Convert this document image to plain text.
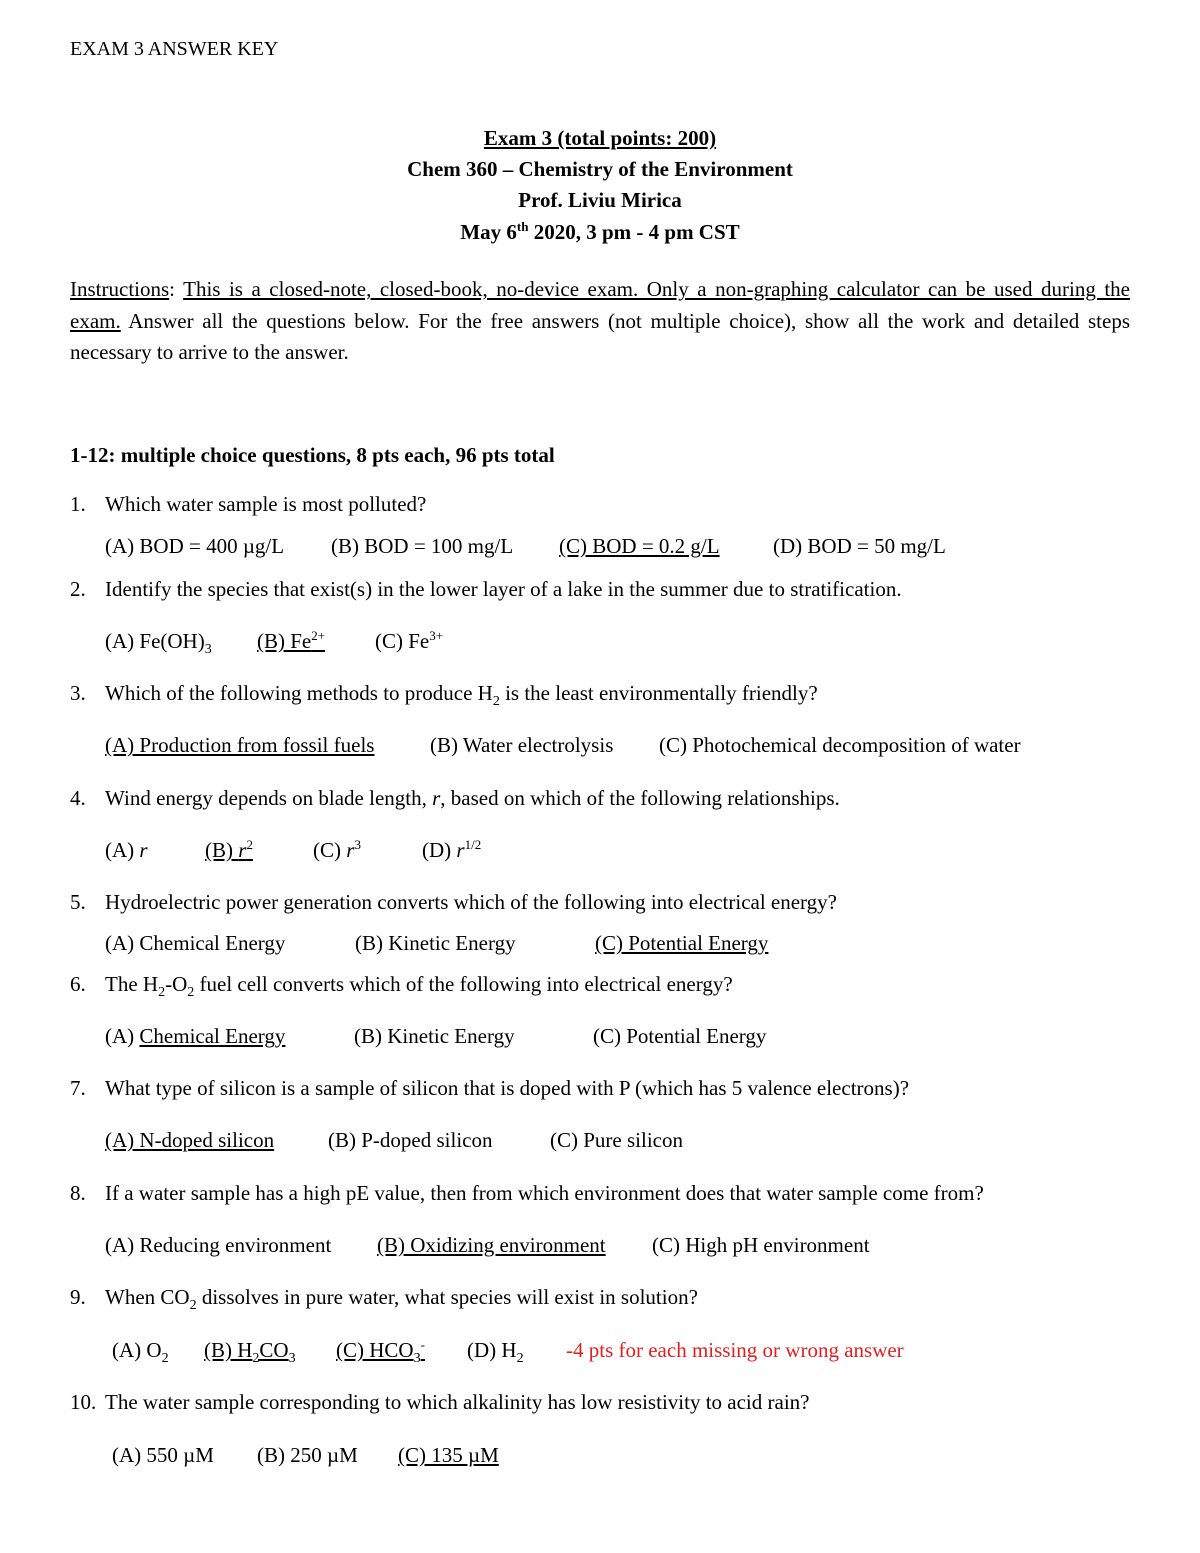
EXAM 3 ANSWER KEY
Exam 3 (total points: 200)
Chem 360 – Chemistry of the Environment
Prof. Liviu Mirica
May 6th 2020, 3 pm - 4 pm CST
Instructions: This is a closed-note, closed-book, no-device exam. Only a non-graphing calculator can be used during the exam. Answer all the questions below. For the free answers (not multiple choice), show all the work and detailed steps necessary to arrive to the answer.
1-12: multiple choice questions, 8 pts each, 96 pts total
1. Which water sample is most polluted?
(A) BOD = 400 µg/L (B) BOD = 100 mg/L (C) BOD = 0.2 g/L	(D) BOD = 50 mg/L
2. Identify the species that exist(s) in the lower layer of a lake in the summer due to stratification.
(A) $Fe(OH)_3$ (B) $Fe^{2+}$ (C) $Fe^{3+}$
3. Which of the following methods to produce $H_2$ is the least environmentally friendly?
(A) Production from fossil fuels	(B) Water electrolysis (C) Photochemical decomposition of water
4. Wind energy depends on blade length, r, based on which of the following relationships.
(A) r	(B) $r^2$	(C) $r^3$	(D) $r^{1/2}$
5. Hydroelectric power generation converts which of the following into electrical energy?
(A) Chemical Energy	(B) Kinetic Energy	(C) Potential Energy
6. The $H_2-O_2$ fuel cell converts which of the following into electrical energy?
(A) Chemical Energy	(B) Kinetic Energy	(C) Potential Energy
7. What type of silicon is a sample of silicon that is doped with P (which has 5 valence electrons)?
(A) N-doped silicon	(B) P-doped silicon	(C) Pure silicon
8. If a water sample has a high pE value, then from which environment does that water sample come from?
(A) Reducing environment (B) Oxidizing environment (C) High pH environment
9. When $CO_2$ dissolves in pure water, what species will exist in solution?
(A) $O_2$ (B) $H_2CO_3$ (C) $HCO_3^-$ (D) $H_2$ -4 pts for each missing or wrong answer
10. The water sample corresponding to which alkalinity has low resistivity to acid rain?
(A) 550 µM (B) 250 µM (C) 135 µM
